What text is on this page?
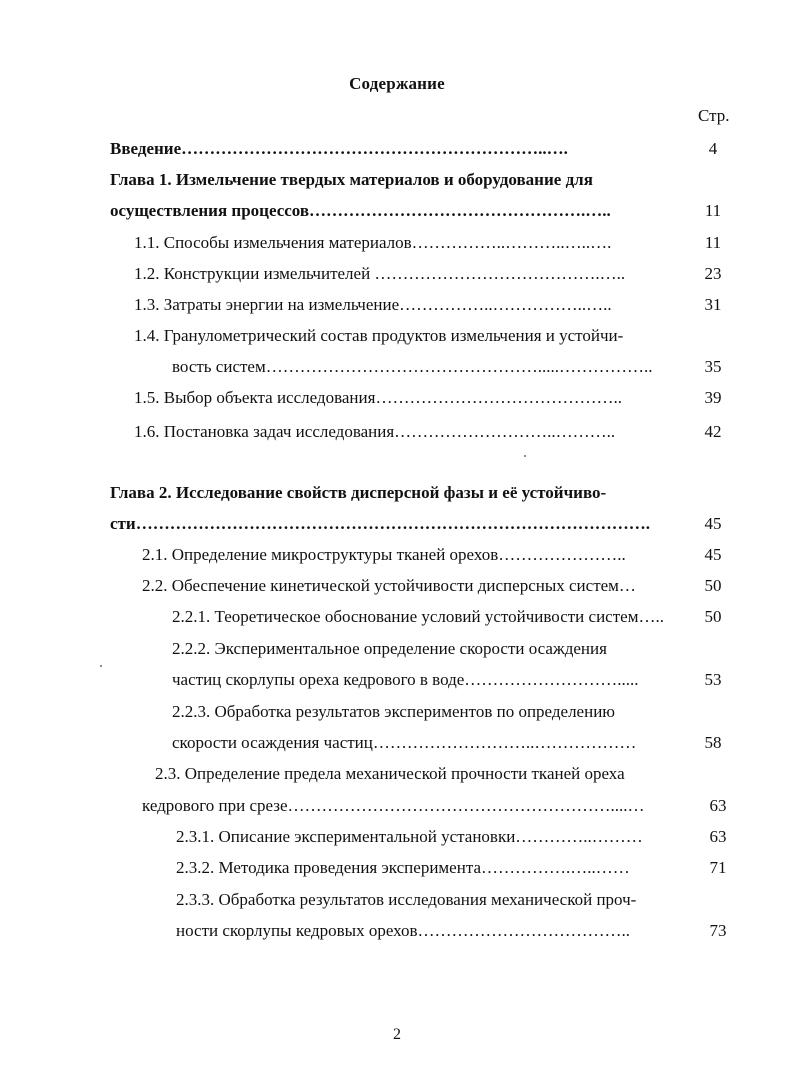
Содержание
Стр.
Введение………………………………………………………..….	4
Глава 1. Измельчение твердых материалов и оборудование для
осуществления процессов………………………………………….…..	11
1.1. Способы измельчения материалов……………..………..…..….	11
1.2. Конструкции измельчителей ………………………………….…..	23
1.3. Затраты энергии на измельчение……………..……………..…..	31
1.4. Гранулометрический состав продуктов измельчения и устойчи-
вость систем………………………………………….....……………..	35
1.5. Выбор объекта исследования……………………………………..	39
1.6. Постановка задач исследования………………………..………..	42
Глава 2. Исследование свойств дисперсной фазы и её устойчиво-
сти……………………………………………………………………………….	45
2.1. Определение микроструктуры тканей орехов…………………..	45
2.2. Обеспечение кинетической устойчивости дисперсных систем…	50
2.2.1. Теоретическое обоснование условий устойчивости систем…..	50
2.2.2. Экспериментальное определение скорости осаждения
частиц скорлупы ореха кедрового в воде……………………….....	53
2.2.3. Обработка результатов экспериментов по определению
скорости осаждения частиц………………………..………………	58
2.3. Определение предела механической прочности тканей ореха
кедрового при срезе…………………………………………………....…	63
2.3.1. Описание экспериментальной установки…………..………	63
2.3.2. Методика проведения эксперимента…………….…..……	71
2.3.3. Обработка результатов исследования механической проч-
ности скорлупы кедровых орехов………………………………..	73
2
